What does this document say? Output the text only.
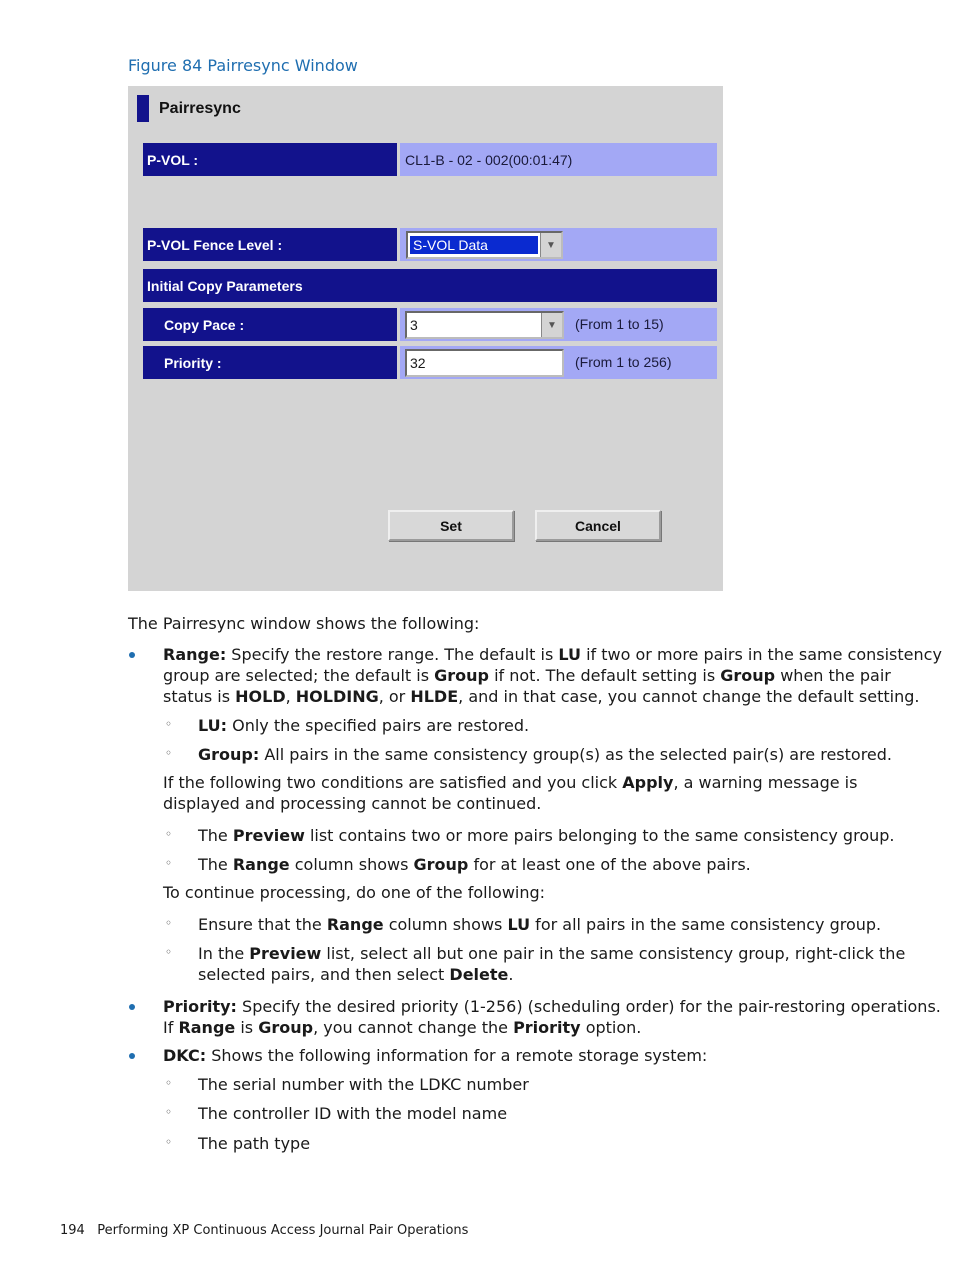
Figure 84 Pairresync Window
Pairresync
P-VOL :	CL1-B - 02 - 002(00:01:47)
P-VOL Fence Level :	S-VOL Data	▼
Initial Copy Parameters
Copy Pace :	3	▼	(From 1 to 15)
Priority :	32	(From 1 to 256)
Set	Cancel
The Pairresync window shows the following:
Range: Specify the restore range. The default is LU if two or more pairs in the same consistency
group are selected; the default is Group if not. The default setting is Group when the pair
status is HOLD, HOLDING, or HLDE, and in that case, you cannot change the default setting.
◦ LU: Only the specified pairs are restored.
◦ Group: All pairs in the same consistency group(s) as the selected pair(s) are restored.
If the following two conditions are satisfied and you click Apply, a warning message is
displayed and processing cannot be continued.
◦ The Preview list contains two or more pairs belonging to the same consistency group.
◦ The Range column shows Group for at least one of the above pairs.
To continue processing, do one of the following:
◦ Ensure that the Range column shows LU for all pairs in the same consistency group.
◦ In the Preview list, select all but one pair in the same consistency group, right-click the
selected pairs, and then select Delete.
Priority: Specify the desired priority (1-256) (scheduling order) for the pair-restoring operations.
If Range is Group, you cannot change the Priority option.
DKC: Shows the following information for a remote storage system:
◦ The serial number with the LDKC number
◦ The controller ID with the model name
◦ The path type
194 Performing XP Continuous Access Journal Pair Operations
